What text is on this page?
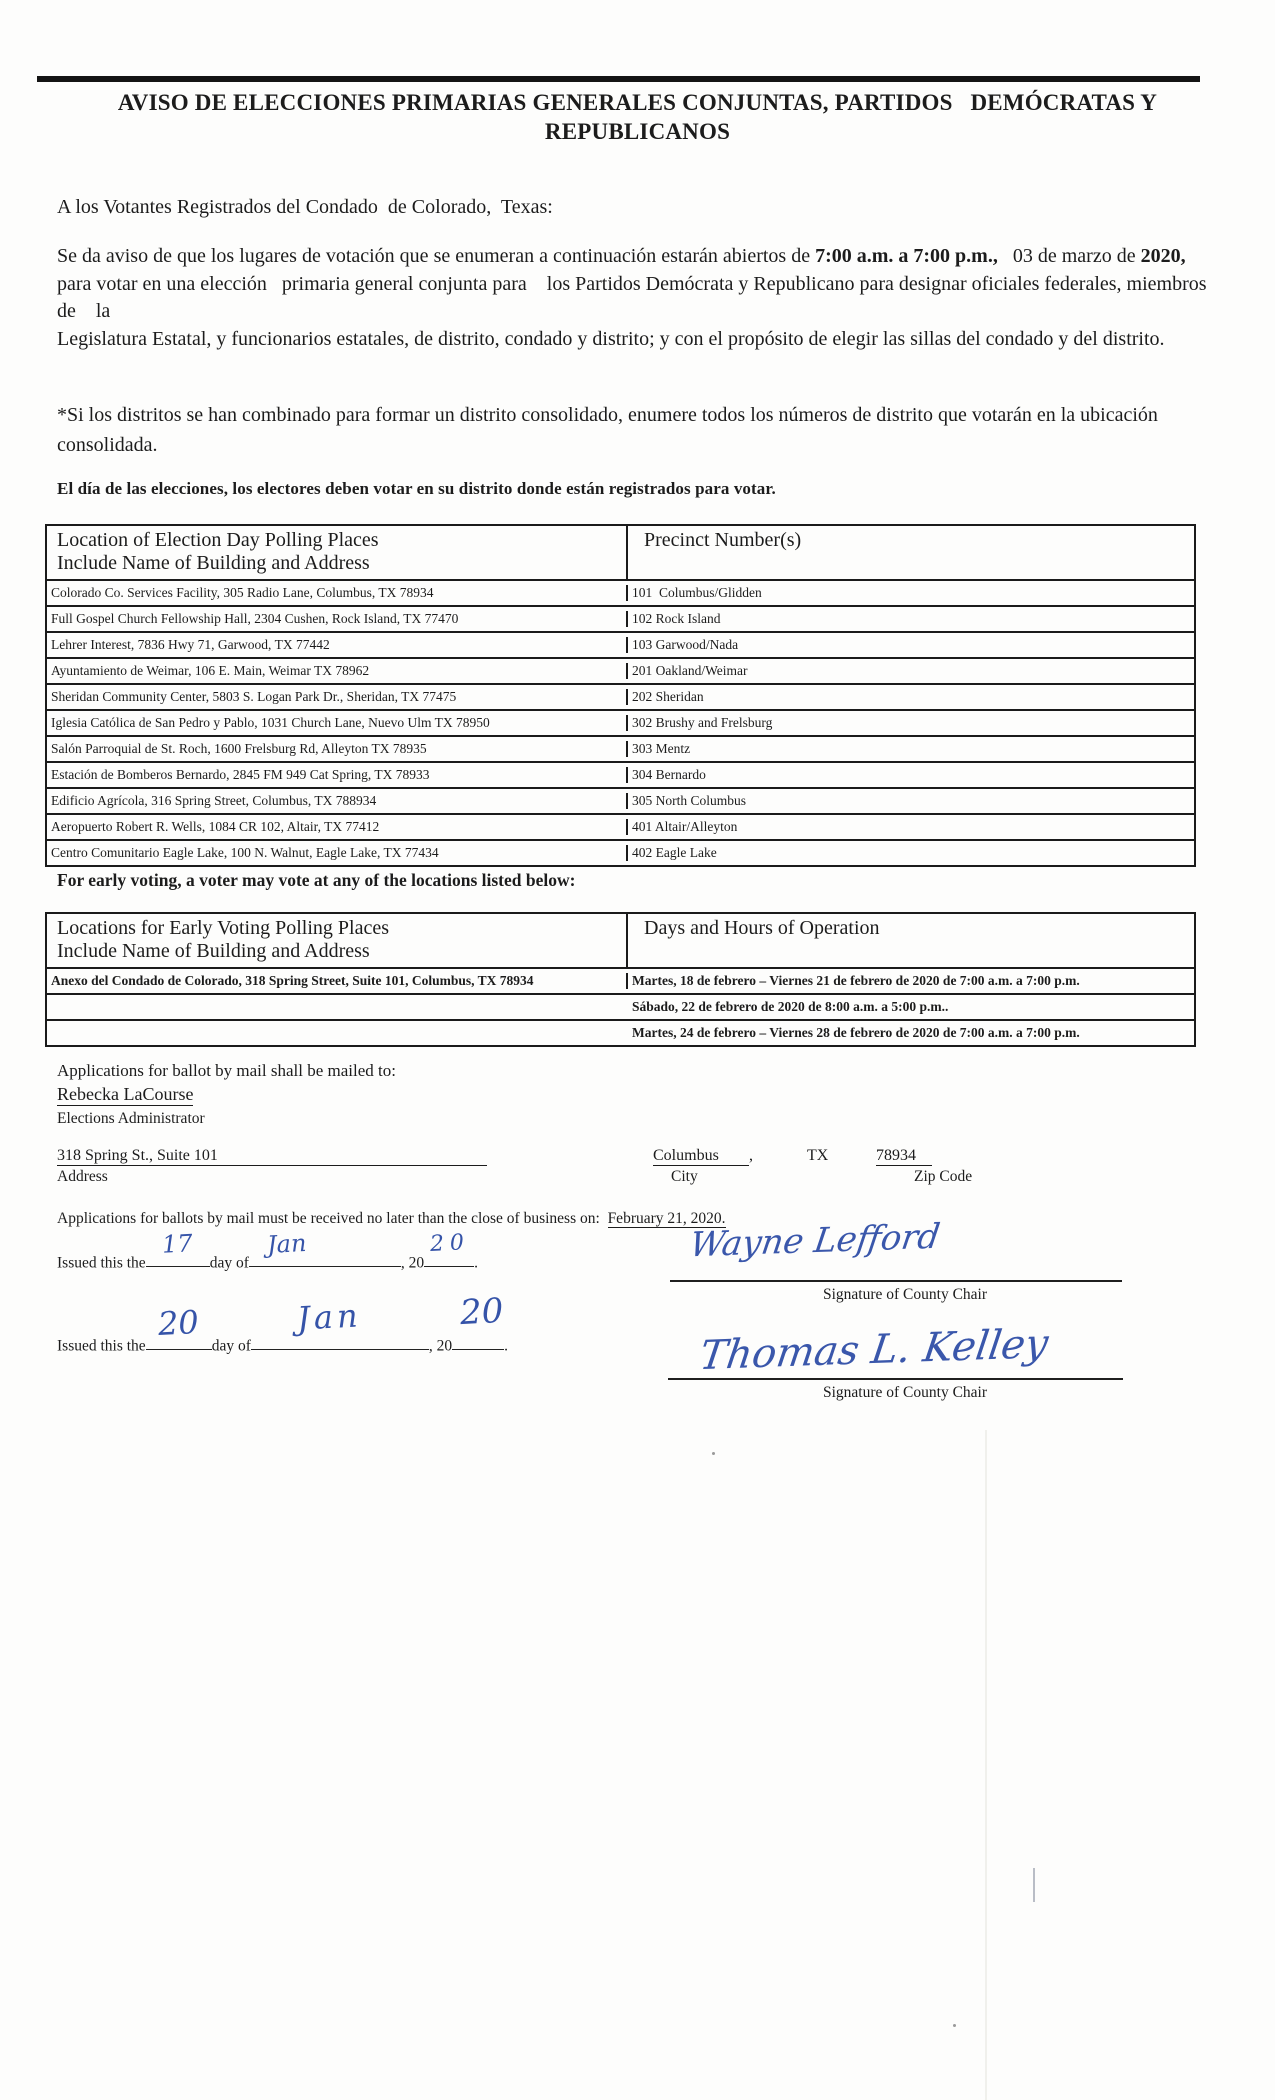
AVISO DE ELECCIONES PRIMARIAS GENERALES CONJUNTAS, PARTIDOS   DEMÓCRATAS Y
REPUBLICANOS
A los Votantes Registrados del Condado  de Colorado,  Texas:
Se da aviso de que los lugares de votación que se enumeran a continuación estarán abiertos de 7:00 a.m. a 7:00 p.m.,   03 de marzo de 2020,  para votar en una elección   primaria general conjunta para    los Partidos Demócrata y Republicano para designar oficiales federales, miembros de    la
Legislatura Estatal, y funcionarios estatales, de distrito, condado y distrito; y con el propósito de elegir las sillas del condado y del distrito.
*Si los distritos se han combinado para formar un distrito consolidado, enumere todos los números de distrito que votarán en la ubicación consolidada.
El día de las elecciones, los electores deben votar en su distrito donde están registrados para votar.
Location of Election Day Polling Places
Include Name of Building and Address
Precinct Number(s)
Colorado Co. Services Facility, 305 Radio Lane, Columbus, TX 78934	101  Columbus/Glidden
Full Gospel Church Fellowship Hall, 2304 Cushen, Rock Island, TX 77470	102 Rock Island
Lehrer Interest, 7836 Hwy 71, Garwood, TX 77442	103 Garwood/Nada
Ayuntamiento de Weimar, 106 E. Main, Weimar TX 78962	201 Oakland/Weimar
Sheridan Community Center, 5803 S. Logan Park Dr., Sheridan, TX 77475	202 Sheridan
Iglesia Católica de San Pedro y Pablo, 1031 Church Lane, Nuevo Ulm TX 78950	302 Brushy and Frelsburg
Salón Parroquial de St. Roch, 1600 Frelsburg Rd, Alleyton TX 78935	303 Mentz
Estación de Bomberos Bernardo, 2845 FM 949 Cat Spring, TX 78933	304 Bernardo
Edificio Agrícola, 316 Spring Street, Columbus, TX 788934	305 North Columbus
Aeropuerto Robert R. Wells, 1084 CR 102, Altair, TX 77412	401 Altair/Alleyton
Centro Comunitario Eagle Lake, 100 N. Walnut, Eagle Lake, TX 77434	402 Eagle Lake
For early voting, a voter may vote at any of the locations listed below:
Locations for Early Voting Polling Places
Include Name of Building and Address
Days and Hours of Operation
Anexo del Condado de Colorado, 318 Spring Street, Suite 101, Columbus, TX 78934	Martes, 18 de febrero – Viernes 21 de febrero de 2020 de 7:00 a.m. a 7:00 p.m.
Sábado, 22 de febrero de 2020 de 8:00 a.m. a 5:00 p.m..
Martes, 24 de febrero – Viernes 28 de febrero de 2020 de 7:00 a.m. a 7:00 p.m.
Applications for ballot by mail shall be mailed to:
Rebecka LaCourse
Elections Administrator
318 Spring St., Suite 101
Address
Columbus ,
City
TX	78934
Zip Code
Applications for ballots by mail must be received no later than the close of business on:  February 21, 2020.
Issued this the
17
day of
Jan
, 20
20
.	Wayne Lefford
Signature of County Chair
Issued this the
20
day of
Jan
, 20
20
.	Thomas L. Kelley
Signature of County Chair
